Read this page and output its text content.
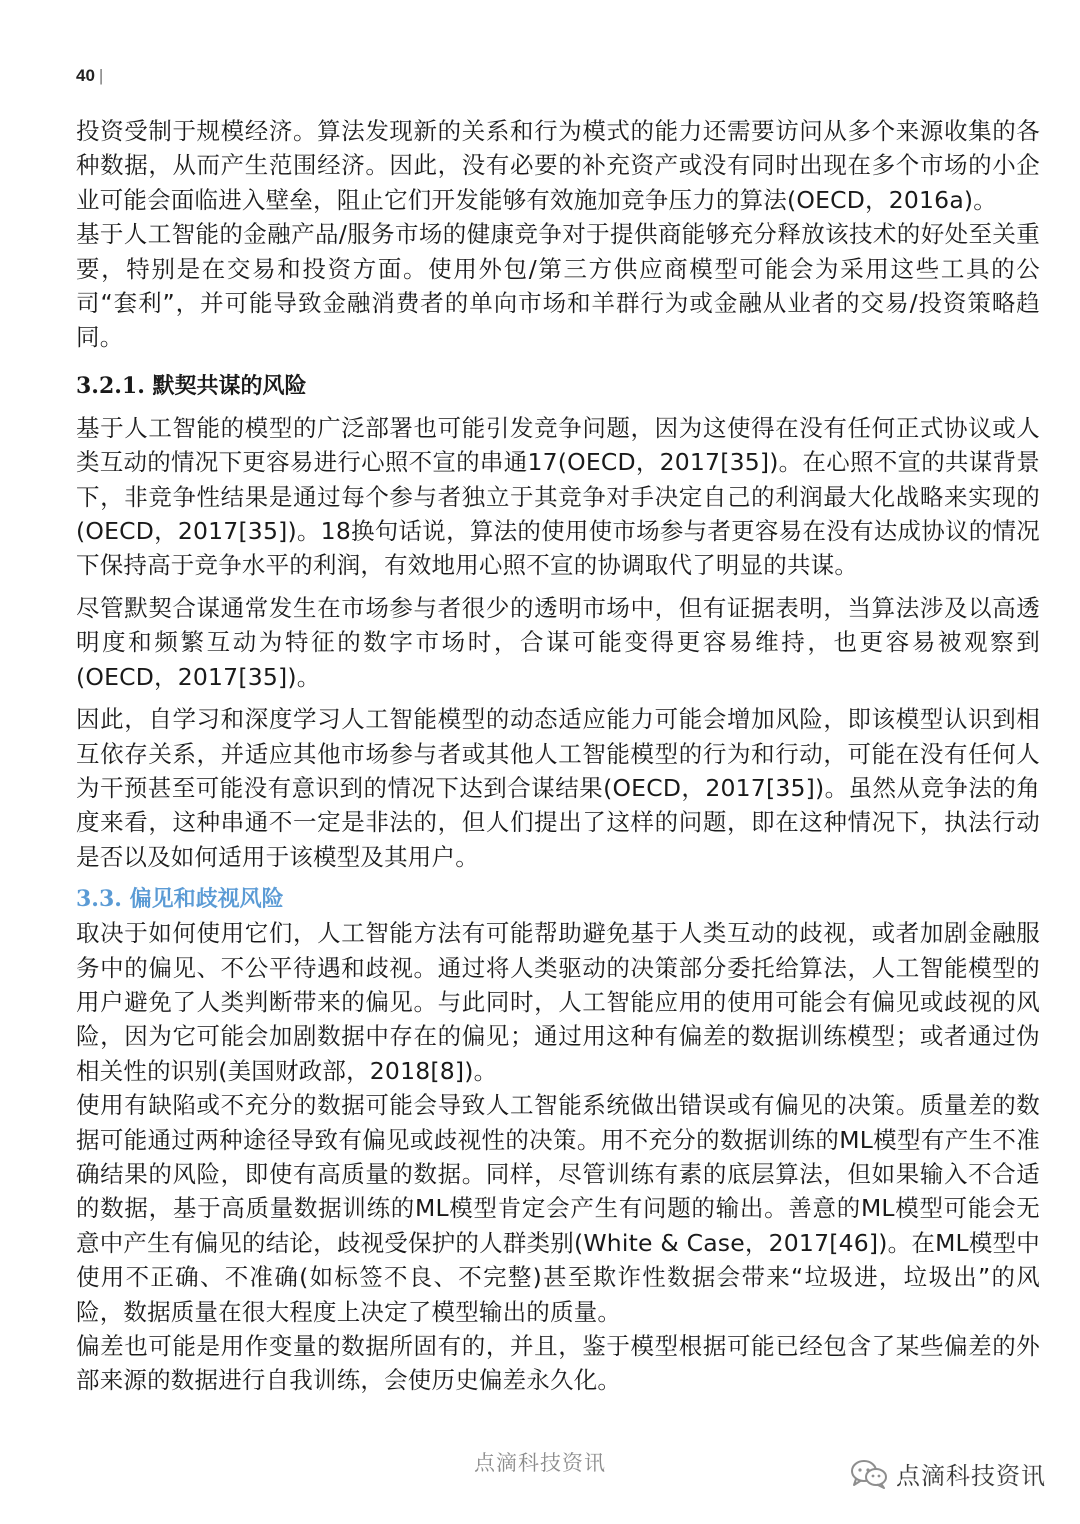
40 |

投资受制于规模经济。算法发现新的关系和行为模式的能力还需要访问从多个来源收集的各种数据，从而产生范围经济。因此，没有必要的补充资产或没有同时出现在多个市场的小企业可能会面临进入壁垒，阻止它们开发能够有效施加竞争压力的算法(OECD，2016a)。

基于人工智能的金融产品/服务市场的健康竞争对于提供商能够充分释放该技术的好处至关重要，特别是在交易和投资方面。使用外包/第三方供应商模型可能会为采用这些工具的公司“套利”，并可能导致金融消费者的单向市场和羊群行为或金融从业者的交易/投资策略趋同。

3.2.1. 默契共谋的风险

基于人工智能的模型的广泛部署也可能引发竞争问题，因为这使得在没有任何正式协议或人类互动的情况下更容易进行心照不宣的串通17(OECD，2017[35])。在心照不宣的共谋背景下，非竞争性结果是通过每个参与者独立于其竞争对手决定自己的利润最大化战略来实现的(OECD，2017[35])。18换句话说，算法的使用使市场参与者更容易在没有达成协议的情况下保持高于竞争水平的利润，有效地用心照不宣的协调取代了明显的共谋。

尽管默契合谋通常发生在市场参与者很少的透明市场中，但有证据表明，当算法涉及以高透明度和频繁互动为特征的数字市场时，合谋可能变得更容易维持，也更容易被观察到(OECD，2017[35])。

因此，自学习和深度学习人工智能模型的动态适应能力可能会增加风险，即该模型认识到相互依存关系，并适应其他市场参与者或其他人工智能模型的行为和行动，可能在没有任何人为干预甚至可能没有意识到的情况下达到合谋结果(OECD，2017[35])。虽然从竞争法的角度来看，这种串通不一定是非法的，但人们提出了这样的问题，即在这种情况下，执法行动是否以及如何适用于该模型及其用户。

3.3. 偏见和歧视风险

取决于如何使用它们，人工智能方法有可能帮助避免基于人类互动的歧视，或者加剧金融服务中的偏见、不公平待遇和歧视。通过将人类驱动的决策部分委托给算法，人工智能模型的用户避免了人类判断带来的偏见。与此同时，人工智能应用的使用可能会有偏见或歧视的风险，因为它可能会加剧数据中存在的偏见；通过用这种有偏差的数据训练模型；或者通过伪相关性的识别(美国财政部，2018[8])。

使用有缺陷或不充分的数据可能会导致人工智能系统做出错误或有偏见的决策。质量差的数据可能通过两种途径导致有偏见或歧视性的决策。用不充分的数据训练的ML模型有产生不准确结果的风险，即使有高质量的数据。同样，尽管训练有素的底层算法，但如果输入不合适的数据，基于高质量数据训练的ML模型肯定会产生有问题的输出。善意的ML模型可能会无意中产生有偏见的结论，歧视受保护的人群类别(White & Case，2017[46])。在ML模型中使用不正确、不准确(如标签不良、不完整)甚至欺诈性数据会带来“垃圾进，垃圾出”的风险，数据质量在很大程度上决定了模型输出的质量。

偏差也可能是用作变量的数据所固有的，并且，鉴于模型根据可能已经包含了某些偏差的外部来源的数据进行自我训练，会使历史偏差永久化。

点滴科技资讯	点滴科技资讯
